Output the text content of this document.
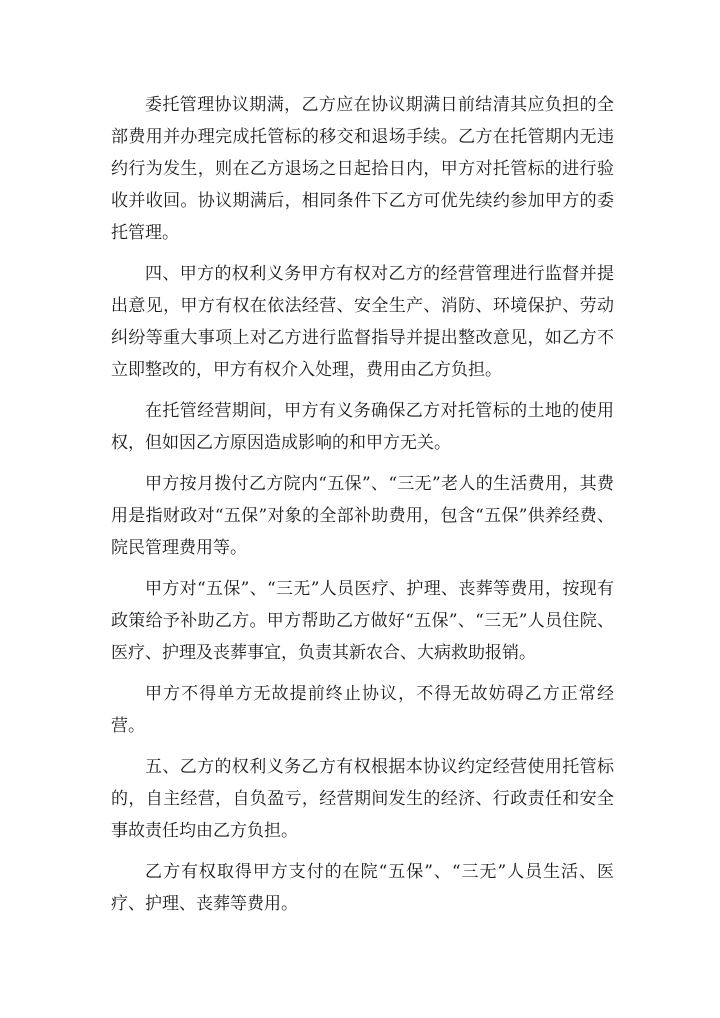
委托管理协议期满，乙方应在协议期满日前结清其应负担的全部费用并办理完成托管标的移交和退场手续。乙方在托管期内无违约行为发生，则在乙方退场之日起拾日内，甲方对托管标的进行验收并收回。协议期满后，相同条件下乙方可优先续约参加甲方的委托管理。

四、甲方的权利义务甲方有权对乙方的经营管理进行监督并提出意见，甲方有权在依法经营、安全生产、消防、环境保护、劳动纠纷等重大事项上对乙方进行监督指导并提出整改意见，如乙方不立即整改的，甲方有权介入处理，费用由乙方负担。

在托管经营期间，甲方有义务确保乙方对托管标的土地的使用权，但如因乙方原因造成影响的和甲方无关。

甲方按月拨付乙方院内“五保”、“三无”老人的生活费用，其费用是指财政对“五保”对象的全部补助费用，包含“五保”供养经费、院民管理费用等。

甲方对“五保”、“三无”人员医疗、护理、丧葬等费用，按现有政策给予补助乙方。甲方帮助乙方做好“五保”、“三无”人员住院、医疗、护理及丧葬事宜，负责其新农合、大病救助报销。

甲方不得单方无故提前终止协议，不得无故妨碍乙方正常经营。

五、乙方的权利义务乙方有权根据本协议约定经营使用托管标的，自主经营，自负盈亏，经营期间发生的经济、行政责任和安全事故责任均由乙方负担。

乙方有权取得甲方支付的在院“五保”、“三无”人员生活、医疗、护理、丧葬等费用。
